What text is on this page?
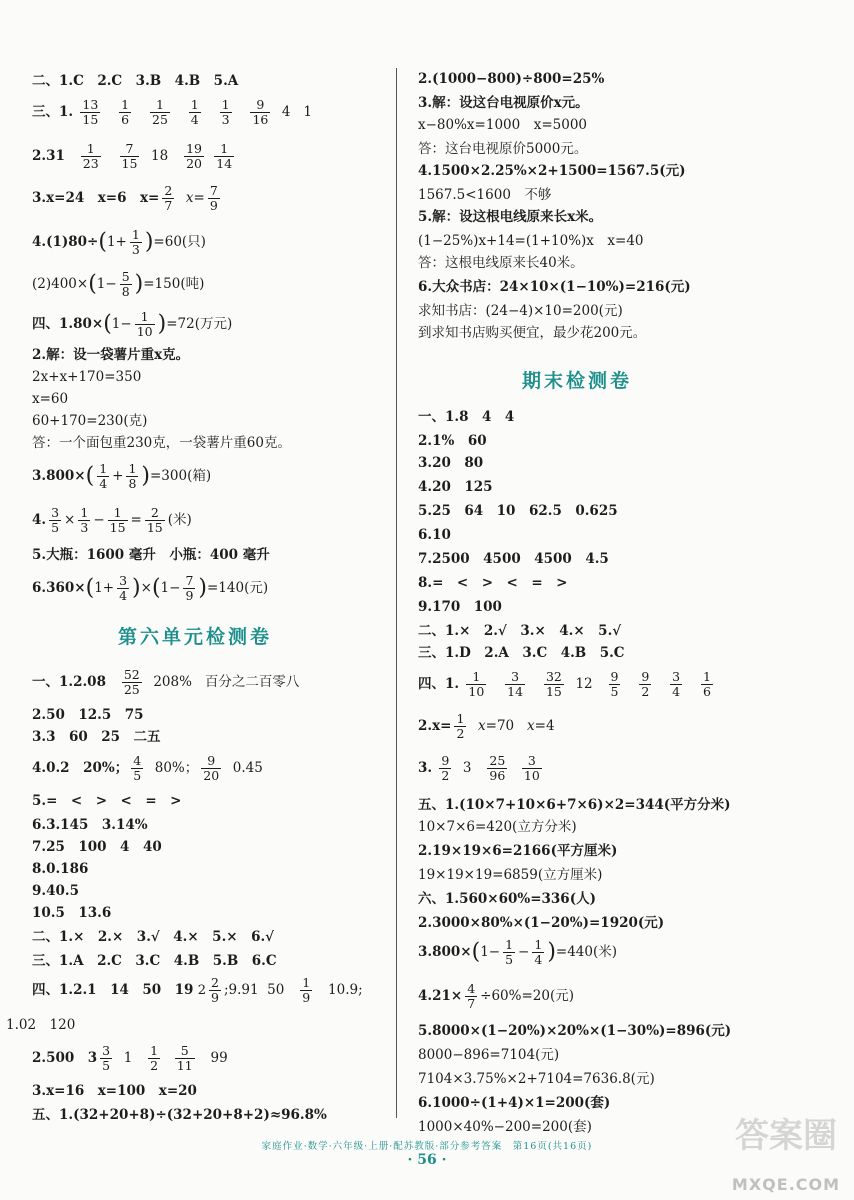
二、1.C　2.C　3.B　4.B　5.A
三、1. $\frac{13}{15}$
$\frac{1}{6}$
$\frac{1}{25}$
$\frac{1}{4}$
$\frac{1}{3}$
$\frac{9}{16} 4$   1
$2.31 \frac{1}{23}$
$\frac{7}{15} 18 \frac{19}{20}$
$\frac{1}{14}$
3.x=24　x=6　$x= \frac{2}{7} x= \frac{7}{9}$
$4.(1)80\div(1+ \frac{1}{3} )=60$(只)
$(2)400\times(1- \frac{5}{8} )=150$(吨)
四、$1.80\times(1- \frac{1}{10} )=72$(万元)
2.解：设一袋薯片重x克。
2x+x+170=350
x=60
60+170=230(克)
答：一个面包重230克，一袋薯片重60克。
$3.800\times( \frac{1}{4} + \frac{1}{8} )=300$(箱)
4. $\frac{3}{5} \times \frac{1}{3} - \frac{1}{15} = \frac{2}{15}$ (米)
5.大瓶：1600 毫升　小瓶：400 毫升
$6.360\times(1+ \frac{3}{4} )\times(1- \frac{7}{9} )=140$(元)
第六单元检测卷
一、$1.2.08 \frac{52}{25} 208\%$   百分之二百零八
2.50　12.5　75
3.3　60　25　二五
4.0.2　20%； $\frac{4}{5} 80\%$； $\frac{9}{20} 0.45$
5.=　<　>　<　=　>
6.3.145　3.14%
7.25　100　4　40
8.0.186
9.40.5
10.5　13.6
二、1.×　2.×　3.√　4.×　5.×　6.√
三、1.A　2.C　3.C　4.B　5.B　6.C
四、1.2.1　14　50　19 $2 \frac{2}{9}$ ;9.91  $50 \frac{1}{9} 10.9$;
1.02　120
2.500　$3 \frac{3}{5} 1 \frac{1}{2}$
$\frac{5}{11} 99$
3.x=16　x=100　x=20
五、1.(32+20+8)÷(32+20+8+2)≈96.8%
2.(1000−800)÷800=25%
3.解：设这台电视原价x元。
x−80%x=1000　x=5000
答：这台电视原价5000元。
4.1500×2.25%×2+1500=1567.5(元)
1567.5<1600　不够
5.解：设这根电线原来长x米。
(1−25%)x+14=(1+10%)x　x=40
答：这根电线原来长40米。
6.大众书店：24×10×(1−10%)=216(元)
求知书店：(24−4)×10=200(元)
到求知书店购买便宜，最少花200元。
期末检测卷
一、1.8　4　4
2.1%　60
3.20　80
4.20　125
5.25　64　10　62.5　0.625
6.10
7.2500　4500　4500　4.5
8.=　<　>　<　=　>
9.170　100
二、1.×　2.√　3.×　4.×　5.√
三、1.D　2.A　3.C　4.B　5.C
四、1. $\frac{1}{10}$
$\frac{3}{14}$
$\frac{32}{15} 12 \frac{9}{5}$
$\frac{9}{2}$
$\frac{3}{4}$
$\frac{1}{6}$
$2.x= \frac{1}{2} x=70$   x=4
3. $\frac{9}{2} 3 \frac{25}{96}$
$\frac{3}{10}$
五、1.(10×7+10×6+7×6)×2=344(平方分米)
10×7×6=420(立方分米)
2.19×19×6=2166(平方厘米)
19×19×19=6859(立方厘米)
六、1.560×60%=336(人)
2.3000×80%×(1−20%)=1920(元)
$3.800\times(1- \frac{1}{5} - \frac{1}{4} )=440$(米)
$4.21\times \frac{4}{7} \div 60\%=20$(元)
5.8000×(1−20%)×20%×(1−30%)=896(元)
8000−896=7104(元)
7104×3.75%×2+7104=7636.8(元)
6.1000÷(1+4)×1=200(套)
1000×40%−200=200(套)
家庭作业·数学·六年级·上册·配苏教版·部分参考答案　第16页(共16页)
· 56 ·
答案圈
MXQE.COM
